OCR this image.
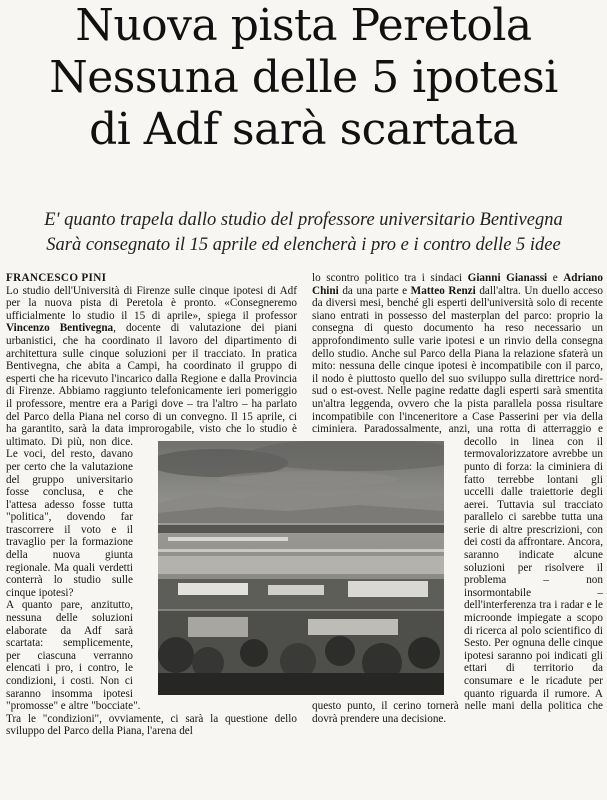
Nuova pista Peretola
Nessuna delle 5 ipotesi
di Adf sarà scartata
E' quanto trapela dallo studio del professore universitario Bentivegna
Sarà consegnato il 15 aprile ed elencherà i pro e i contro delle 5 idee
FRANCESCO PINI

Lo studio dell'Università di Firenze sulle cinque ipotesi di Adf per la nuova pista di Peretola è pronto. «Consegneremo ufficialmente lo studio il 15 di aprile», spiega il professor Vincenzo Bentivegna, docente di valutazione dei piani urbanistici, che ha coordinato il lavoro del dipartimento di architettura sulle cinque soluzioni per il tracciato. In pratica Bentivegna, che abita a Campi, ha coordinato il gruppo di esperti che ha ricevuto l'incarico dalla Regione e dalla Provincia di Firenze. Abbiamo raggiunto telefonicamente ieri pomeriggio il professore, mentre era a Parigi dove – tra l'altro – ha parlato del Parco della Piana nel corso di un convegno. Il 15 aprile, ci ha garantito, sarà la data improrogabile, visto che lo studio è ultimato. Di più, non dice. Le voci, del resto, davano per certo che la valutazione del gruppo universitario fosse conclusa, e che l'attesa adesso fosse tutta "politica", dovendo far trascorrere il voto e il travaglio per la formazione della nuova giunta regionale. Ma quali verdetti conterrà lo studio sulle cinque ipotesi?

A quanto pare, anzitutto, nessuna delle soluzioni elaborate da Adf sarà scartata: semplicemente, per ciascuna verranno elencati i pro, i contro, le condizioni, i costi. Non ci saranno insomma ipotesi "promosse" e altre "bocciate".

Tra le "condizioni", ovviamente, ci sarà la questione dello sviluppo del Parco della Piana, l'arena del

lo scontro politico tra i sindaci Gianni Gianassi e Adriano Chini da una parte e Matteo Renzi dall'altra. Un duello acceso da diversi mesi, benché gli esperti dell'università solo di recente siano entrati in possesso del masterplan del parco: proprio la consegna di questo documento ha reso necessario un approfondimento sulle varie ipotesi e un rinvio della consegna dello studio. Anche sul Parco della Piana la relazione sfaterà un mito: nessuna delle cinque ipotesi è incompatibile con il parco, il nodo è piuttosto quello del suo sviluppo sulla direttrice nord-sud o est-ovest. Nelle pagine redatte dagli esperti sarà smentita un'altra leggenda, ovvero che la pista parallela possa risultare incompatibile con l'inceneritore a Case Passerini per via della ciminiera. Paradossalmente, anzi, una rotta di atterraggio e decollo in linea con il termovalorizzatore avrebbe un punto di forza: la ciminiera di fatto terrebbe lontani gli uccelli dalle traiettorie degli aerei. Tuttavia sul tracciato parallelo ci sarebbe tutta una serie di altre prescrizioni, con dei costi da affrontare. Ancora, saranno indicate alcune soluzioni per risolvere il problema – non insormontabile – dell'interferenza tra i radar e le microonde impiegate a scopo di ricerca al polo scientifico di Sesto. Per ognuna delle cinque ipotesi saranno poi indicati gli ettari di territorio da consumare e le ricadute per quanto riguarda il rumore. A questo punto, il cerino tornerà nelle mani della politica che dovrà prendere una decisione.
